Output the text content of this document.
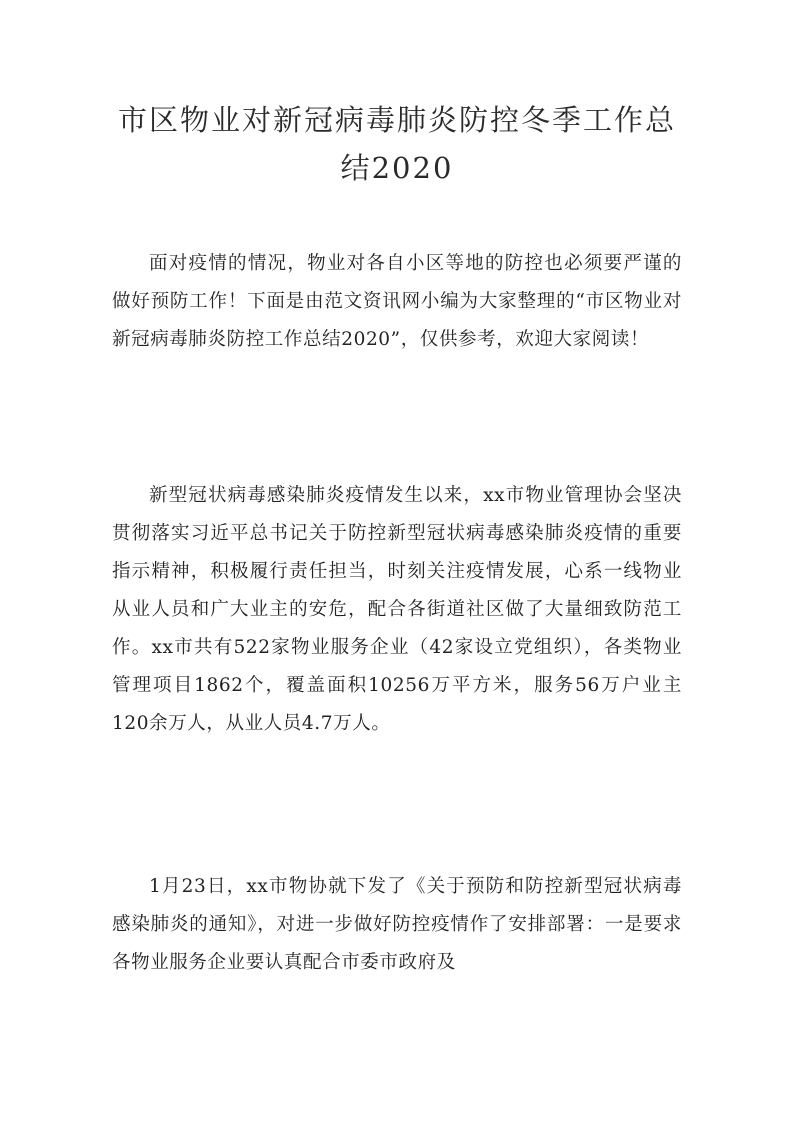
市区物业对新冠病毒肺炎防控冬季工作总结2020

面对疫情的情况，物业对各自小区等地的防控也必须要严谨的做好预防工作！下面是由范文资讯网小编为大家整理的“市区物业对新冠病毒肺炎防控工作总结2020”，仅供参考，欢迎大家阅读！

新型冠状病毒感染肺炎疫情发生以来，xx市物业管理协会坚决贯彻落实习近平总书记关于防控新型冠状病毒感染肺炎疫情的重要指示精神，积极履行责任担当，时刻关注疫情发展，心系一线物业从业人员和广大业主的安危，配合各街道社区做了大量细致防范工作。xx市共有522家物业服务企业（42家设立党组织），各类物业管理项目1862个，覆盖面积10256万平方米，服务56万户业主120余万人，从业人员4.7万人。

1月23日，xx市物协就下发了《关于预防和防控新型冠状病毒感染肺炎的通知》，对进一步做好防控疫情作了安排部署：一是要求各物业服务企业要认真配合市委市政府及
